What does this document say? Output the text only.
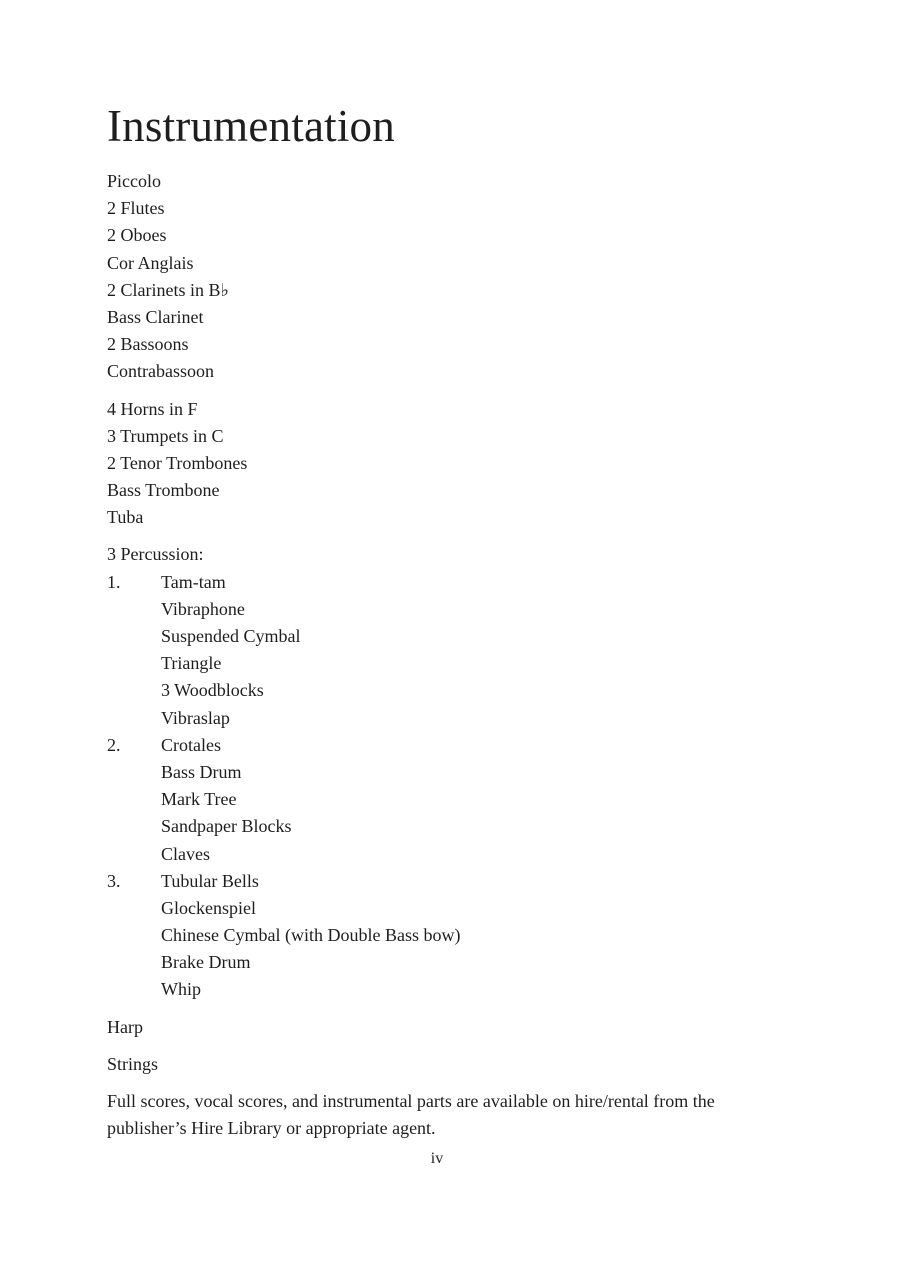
Instrumentation
Piccolo
2 Flutes
2 Oboes
Cor Anglais
2 Clarinets in B♭
Bass Clarinet
2 Bassoons
Contrabassoon
4 Horns in F
3 Trumpets in C
2 Tenor Trombones
Bass Trombone
Tuba
3 Percussion:
1.	Tam-tam
Vibraphone
Suspended Cymbal
Triangle
3 Woodblocks
Vibraslap
2.	Crotales
Bass Drum
Mark Tree
Sandpaper Blocks
Claves
3.	Tubular Bells
Glockenspiel
Chinese Cymbal (with Double Bass bow)
Brake Drum
Whip
Harp
Strings

Full scores, vocal scores, and instrumental parts are available on hire/rental from the publisher’s Hire Library or appropriate agent.

iv
